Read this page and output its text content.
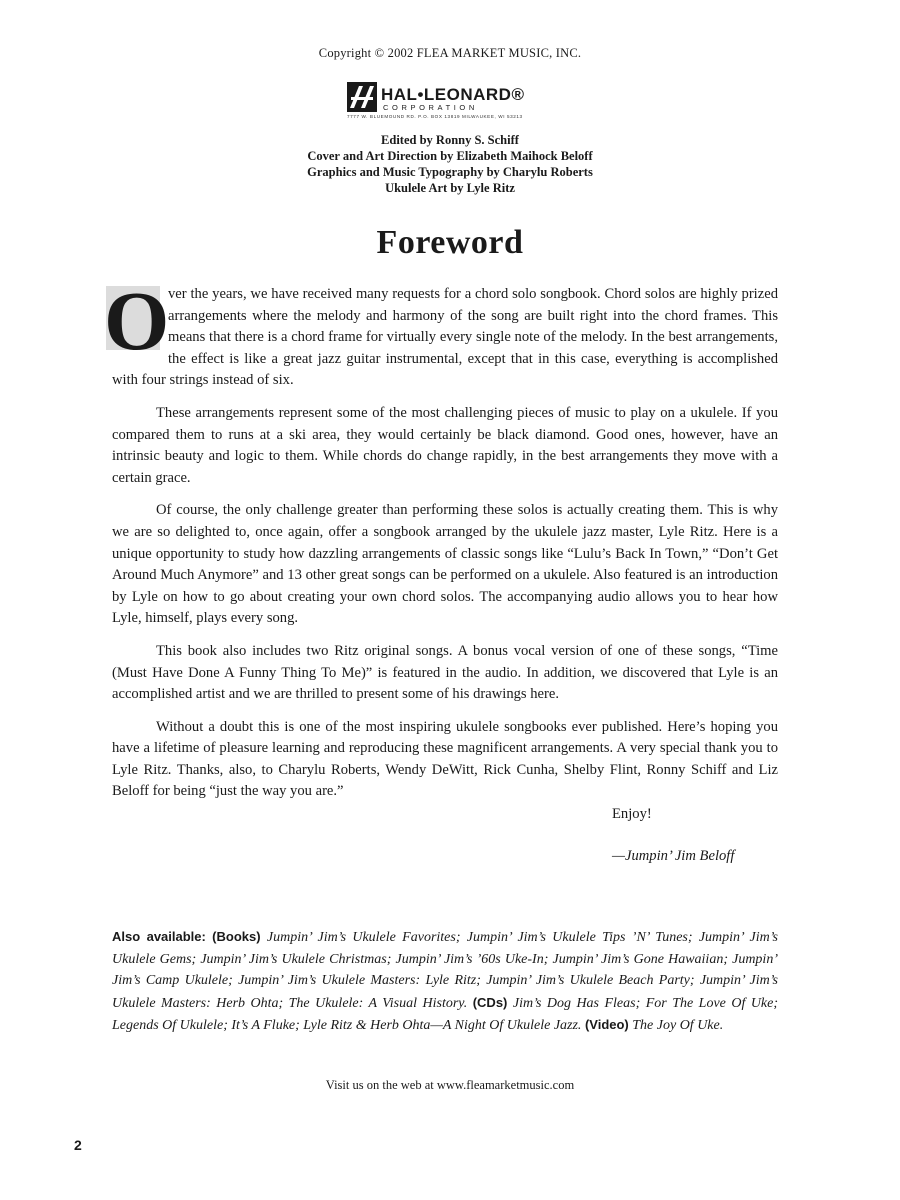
Copyright © 2002 FLEA MARKET MUSIC, INC.
HAL•LEONARD®
CORPORATION
7777 W. BLUEMOUND RD. P.O. BOX 13819 MILWAUKEE, WI 53213
Edited by Ronny S. Schiff
Cover and Art Direction by Elizabeth Maihock Beloff
Graphics and Music Typography by Charylu Roberts
Ukulele Art by Lyle Ritz
Foreword

O
ver the years, we have received many requests for a chord solo songbook. Chord solos are highly prized arrangements where the melody and harmony of the song are built right into the chord frames. This means that there is a chord frame for virtually every single note of the melody. In the best arrangements, the effect is like a great jazz guitar instrumental, except that in this case, everything is accomplished with four strings instead of six.

These arrangements represent some of the most challenging pieces of music to play on a ukulele. If you compared them to runs at a ski area, they would certainly be black diamond. Good ones, however, have an intrinsic beauty and logic to them. While chords do change rapidly, in the best arrangements they move with a certain grace.

Of course, the only challenge greater than performing these solos is actually creating them. This is why we are so delighted to, once again, offer a songbook arranged by the ukulele jazz master, Lyle Ritz. Here is a unique opportunity to study how dazzling arrangements of classic songs like “Lulu’s Back In Town,” “Don’t Get Around Much Anymore” and 13 other great songs can be performed on a ukulele. Also featured is an introduction by Lyle on how to go about creating your own chord solos. The accompanying audio allows you to hear how Lyle, himself, plays every song.

This book also includes two Ritz original songs. A bonus vocal version of one of these songs, “Time (Must Have Done A Funny Thing To Me)” is featured in the audio. In addition, we discovered that Lyle is an accomplished artist and we are thrilled to present some of his drawings here.

Without a doubt this is one of the most inspiring ukulele songbooks ever published. Here’s hoping you have a lifetime of pleasure learning and reproducing these magnificent arrangements. A very special thank you to Lyle Ritz. Thanks, also, to Charylu Roberts, Wendy DeWitt, Rick Cunha, Shelby Flint, Ronny Schiff and Liz Beloff for being “just the way you are.”

Enjoy!
—Jumpin’ Jim Beloff
Also available: (Books) Jumpin’ Jim’s Ukulele Favorites; Jumpin’ Jim’s Ukulele Tips ’N’ Tunes; Jumpin’ Jim’s Ukulele Gems; Jumpin’ Jim’s Ukulele Christmas; Jumpin’ Jim’s ’60s Uke-In; Jumpin’ Jim’s Gone Hawaiian; Jumpin’ Jim’s Camp Ukulele; Jumpin’ Jim’s Ukulele Masters: Lyle Ritz; Jumpin’ Jim’s Ukulele Beach Party; Jumpin’ Jim’s Ukulele Masters: Herb Ohta; The Ukulele: A Visual History. (CDs) Jim’s Dog Has Fleas; For The Love Of Uke; Legends Of Ukulele; It’s A Fluke; Lyle Ritz & Herb Ohta—A Night Of Ukulele Jazz. (Video) The Joy Of Uke.
Visit us on the web at www.fleamarketmusic.com
2
